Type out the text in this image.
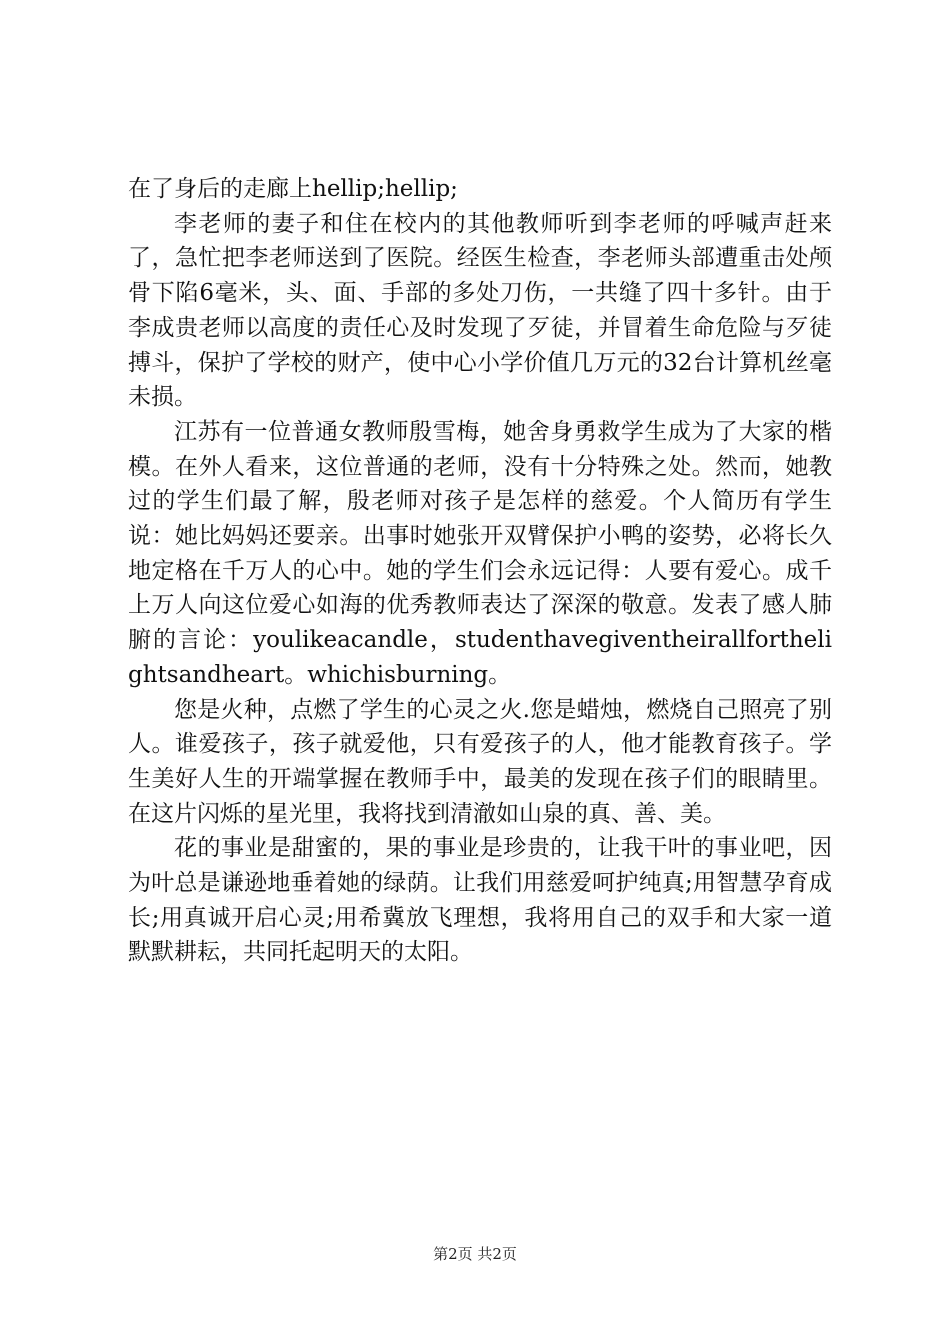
在了身后的走廊上hellip;hellip;

李老师的妻子和住在校内的其他教师听到李老师的呼喊声赶来了，急忙把李老师送到了医院。经医生检查，李老师头部遭重击处颅骨下陷6毫米，头、面、手部的多处刀伤，一共缝了四十多针。由于李成贵老师以高度的责任心及时发现了歹徒，并冒着生命危险与歹徒搏斗，保护了学校的财产，使中心小学价值几万元的32台计算机丝毫未损。

江苏有一位普通女教师殷雪梅，她舍身勇救学生成为了大家的楷模。在外人看来，这位普通的老师，没有十分特殊之处。然而，她教过的学生们最了解，殷老师对孩子是怎样的慈爱。个人简历有学生说：她比妈妈还要亲。出事时她张开双臂保护小鸭的姿势，必将长久地定格在千万人的心中。她的学生们会永远记得：人要有爱心。成千上万人向这位爱心如海的优秀教师表达了深深的敬意。发表了感人肺腑的言论：youlikeacandle，studenthavegiventheirallforthelightsandheart。whichisburning。

您是火种，点燃了学生的心灵之火.您是蜡烛，燃烧自己照亮了别人。谁爱孩子，孩子就爱他，只有爱孩子的人，他才能教育孩子。学生美好人生的开端掌握在教师手中，最美的发现在孩子们的眼睛里。在这片闪烁的星光里，我将找到清澈如山泉的真、善、美。

花的事业是甜蜜的，果的事业是珍贵的，让我干叶的事业吧，因为叶总是谦逊地垂着她的绿荫。让我们用慈爱呵护纯真;用智慧孕育成长;用真诚开启心灵;用希冀放飞理想，我将用自己的双手和大家一道默默耕耘，共同托起明天的太阳。

第2页 共2页
